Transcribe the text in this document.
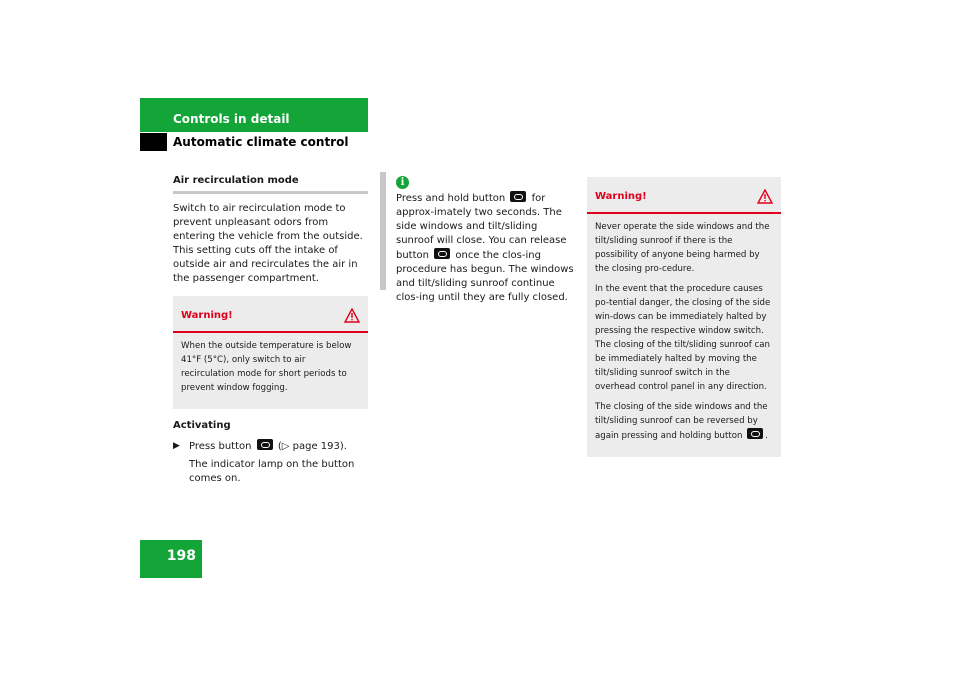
Controls in detail
Automatic climate control
198
Air recirculation mode

Switch to air recirculation mode to prevent unpleasant odors from entering the vehicle from the outside. This setting cuts off the intake of outside air and recirculates the air in the passenger compartment.

Warning!

When the outside temperature is below 41°F (5°C), only switch to air recirculation mode for short periods to prevent window fogging.

Activating
▶ Press button	(▷ page 193).

The indicator lamp on the button comes on.

i
Press and hold button	for approx-imately two seconds. The side windows and tilt/sliding sunroof will close. You can release button	once the clos-ing procedure has begun. The windows and tilt/sliding sunroof continue clos-ing until they are fully closed.
Warning!

Never operate the side windows and the tilt/sliding sunroof if there is the possibility of anyone being harmed by the closing pro-cedure.

In the event that the procedure causes po-tential danger, the closing of the side win-dows can be immediately halted by pressing the respective window switch. The closing of the tilt/sliding sunroof can be immediately halted by moving the tilt/sliding sunroof switch in the overhead control panel in any direction.

The closing of the side windows and the tilt/sliding sunroof can be reversed by again pressing and holding button	.
